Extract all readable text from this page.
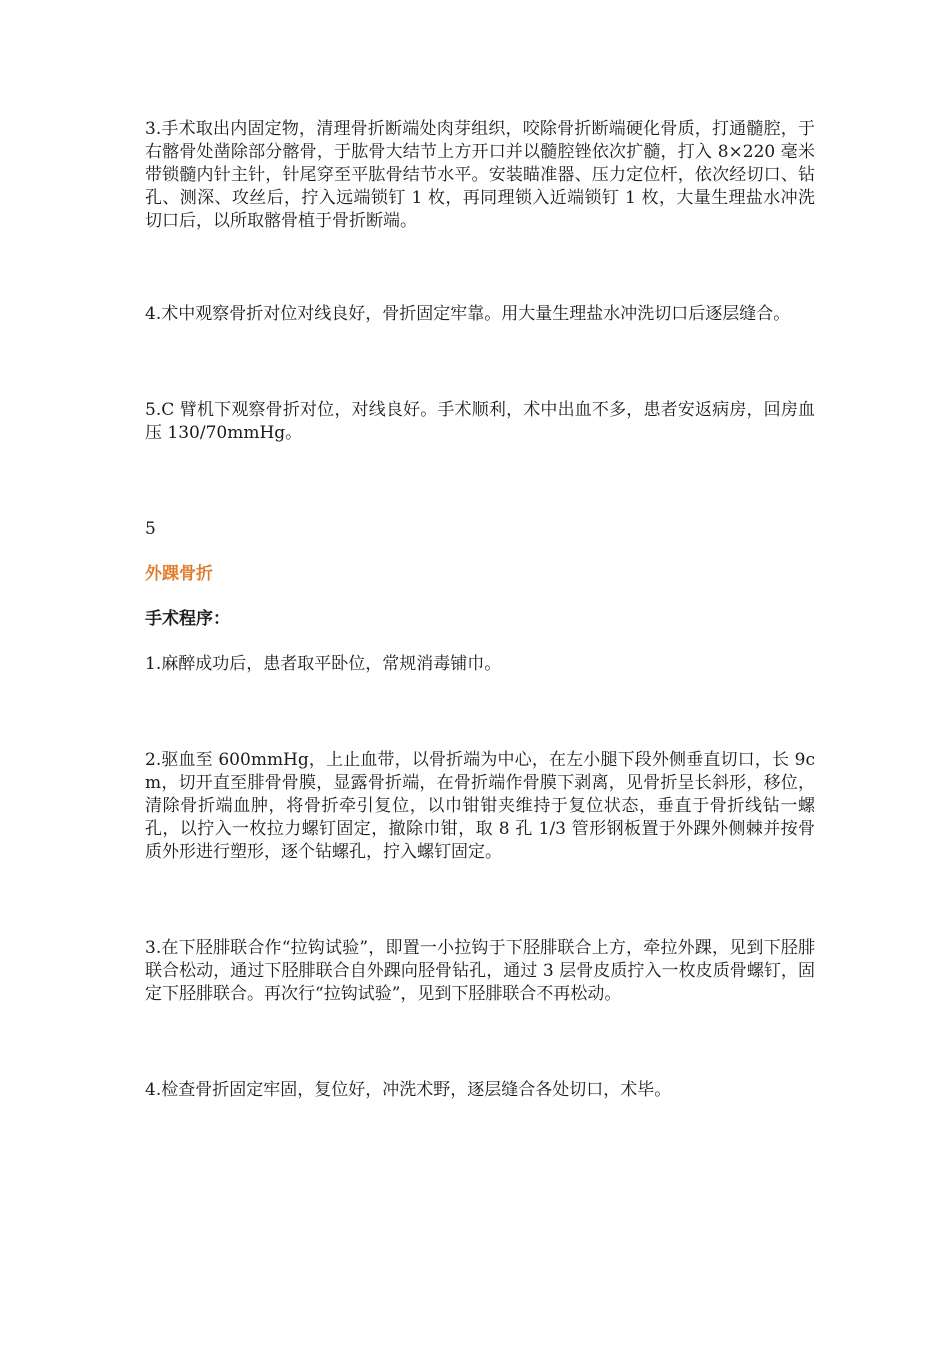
3.手术取出内固定物，清理骨折断端处肉芽组织，咬除骨折断端硬化骨质，打通髓腔，于右髂骨处凿除部分髂骨，于肱骨大结节上方开口并以髓腔锉依次扩髓，打入 8×220 毫米带锁髓内针主针，针尾穿至平肱骨结节水平。安装瞄准器、压力定位杆，依次经切口、钻孔、测深、攻丝后，拧入远端锁钉 1 枚，再同理锁入近端锁钉 1 枚，大量生理盐水冲洗切口后，以所取髂骨植于骨折断端。

4.术中观察骨折对位对线良好，骨折固定牢靠。用大量生理盐水冲洗切口后逐层缝合。

5.C 臂机下观察骨折对位，对线良好。手术顺利，术中出血不多，患者安返病房，回房血压 130/70mmHg。

5

外踝骨折

手术程序：

1.麻醉成功后，患者取平卧位，常规消毒铺巾。

2.驱血至 600mmHg，上止血带，以骨折端为中心，在左小腿下段外侧垂直切口，长 9cm，切开直至腓骨骨膜，显露骨折端，在骨折端作骨膜下剥离，见骨折呈长斜形，移位，清除骨折端血肿，将骨折牵引复位，以巾钳钳夹维持于复位状态，垂直于骨折线钻一螺孔，以拧入一枚拉力螺钉固定，撤除巾钳，取 8 孔 1/3 管形钢板置于外踝外侧棘并按骨质外形进行塑形，逐个钻螺孔，拧入螺钉固定。

3.在下胫腓联合作“拉钩试验”，即置一小拉钩于下胫腓联合上方，牵拉外踝，见到下胫腓联合松动，通过下胫腓联合自外踝向胫骨钻孔，通过 3 层骨皮质拧入一枚皮质骨螺钉，固定下胫腓联合。再次行“拉钩试验”，见到下胫腓联合不再松动。

4.检查骨折固定牢固，复位好，冲洗术野，逐层缝合各处切口，术毕。
